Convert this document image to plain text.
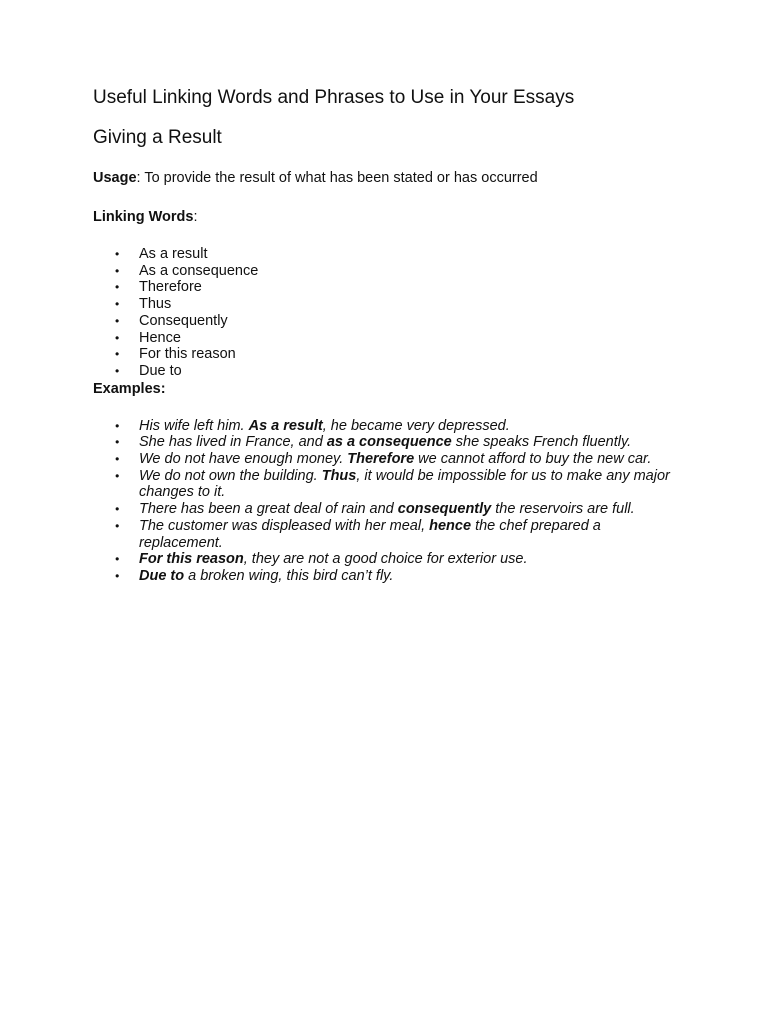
Useful Linking Words and Phrases to Use in Your Essays
Giving a Result

Usage: To provide the result of what has been stated or has occurred

Linking Words:

• As a result
• As a consequence
• Therefore
• Thus
• Consequently
• Hence
• For this reason
• Due to

Examples:

• His wife left him. As a result, he became very depressed.
• She has lived in France, and as a consequence she speaks French fluently.
• We do not have enough money. Therefore we cannot afford to buy the new car.
• We do not own the building. Thus, it would be impossible for us to make any major changes to it.
• There has been a great deal of rain and consequently the reservoirs are full.
• The customer was displeased with her meal, hence the chef prepared a replacement.
• For this reason, they are not a good choice for exterior use.
• Due to a broken wing, this bird can’t fly.
